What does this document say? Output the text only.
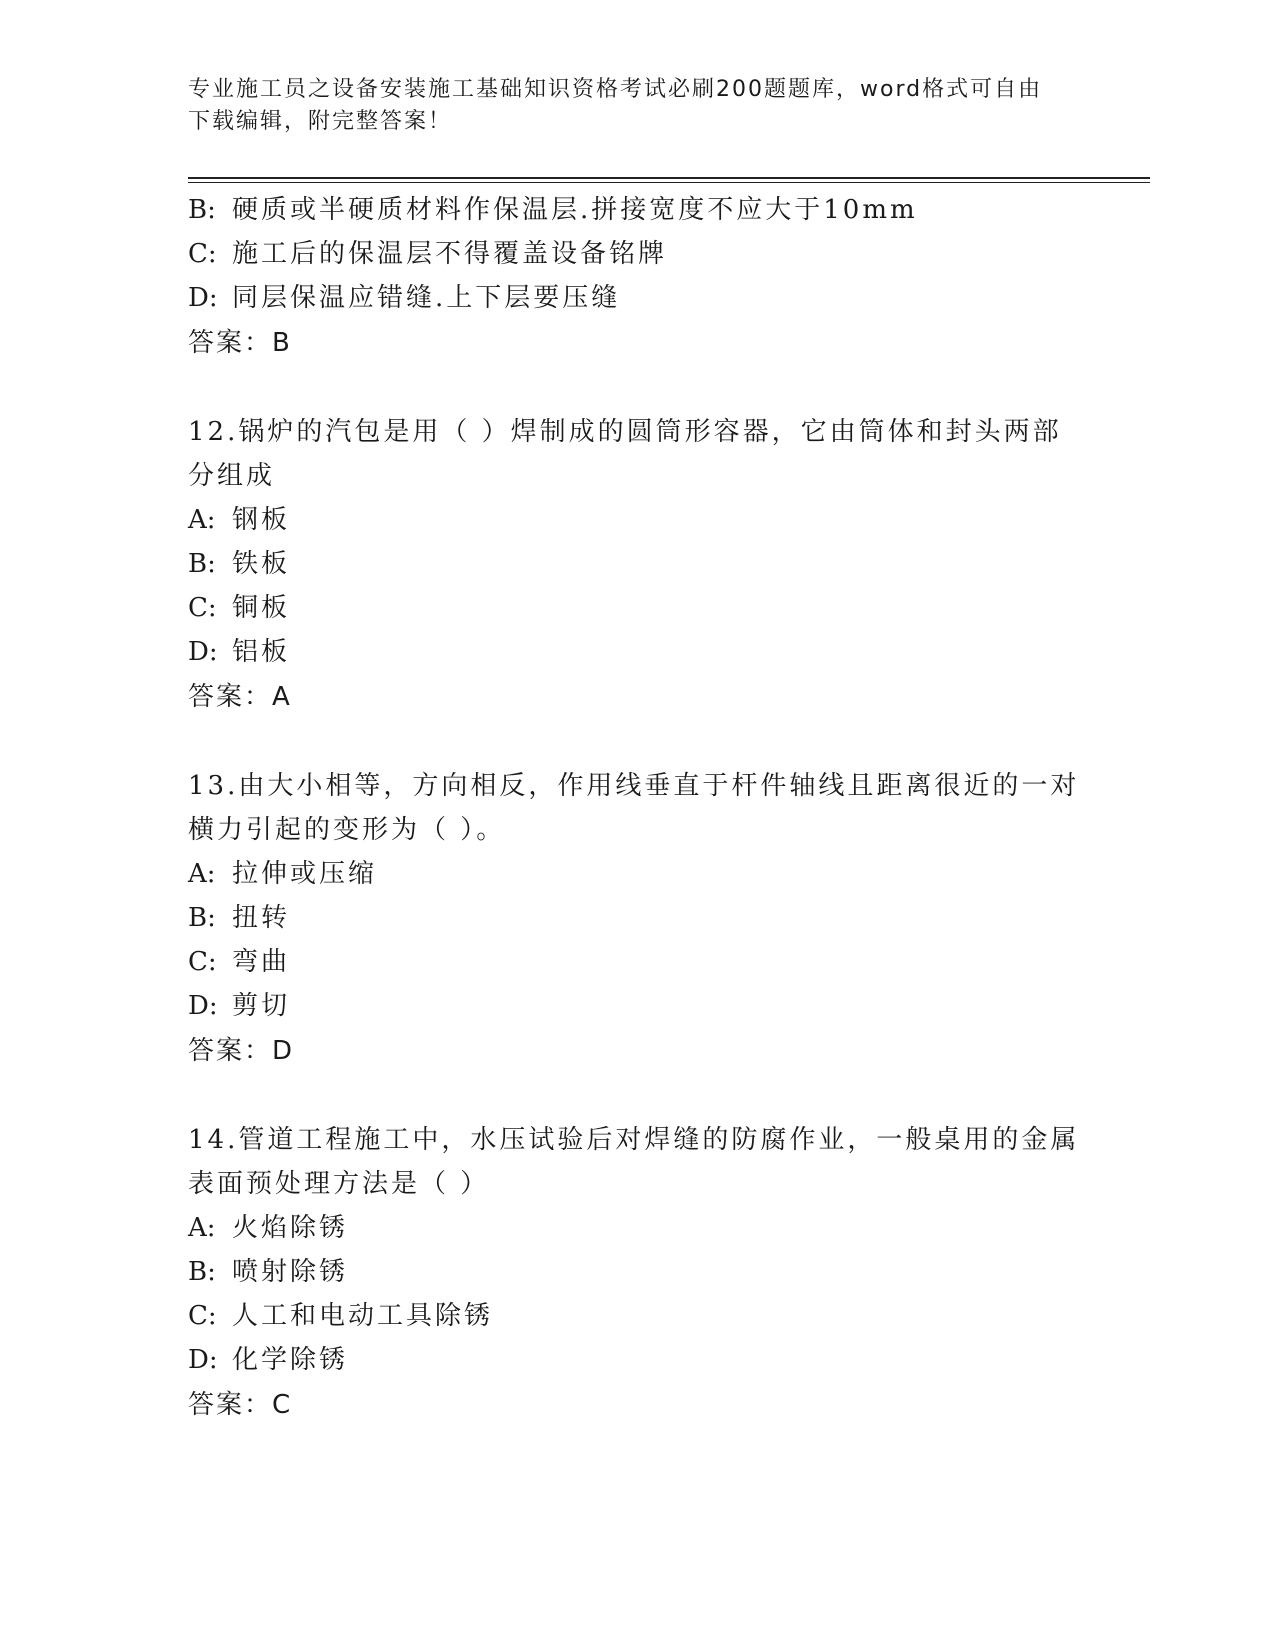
专业施工员之设备安装施工基础知识资格考试必刷200题题库，word格式可自由
下载编辑，附完整答案！
B: 硬质或半硬质材料作保温层.拼接宽度不应大于10mm
C: 施工后的保温层不得覆盖设备铭牌
D: 同层保温应错缝.上下层要压缝
答案：B
12.锅炉的汽包是用（ ）焊制成的圆筒形容器，它由筒体和封头两部
分组成
A: 钢板
B: 铁板
C: 铜板
D: 铝板
答案：A
13.由大小相等，方向相反，作用线垂直于杆件轴线且距离很近的一对
横力引起的变形为（ ）。
A: 拉伸或压缩
B: 扭转
C: 弯曲
D: 剪切
答案：D
14.管道工程施工中，水压试验后对焊缝的防腐作业，一般桌用的金属
表面预处理方法是（ ）
A: 火焰除锈
B: 喷射除锈
C: 人工和电动工具除锈
D: 化学除锈
答案：C
